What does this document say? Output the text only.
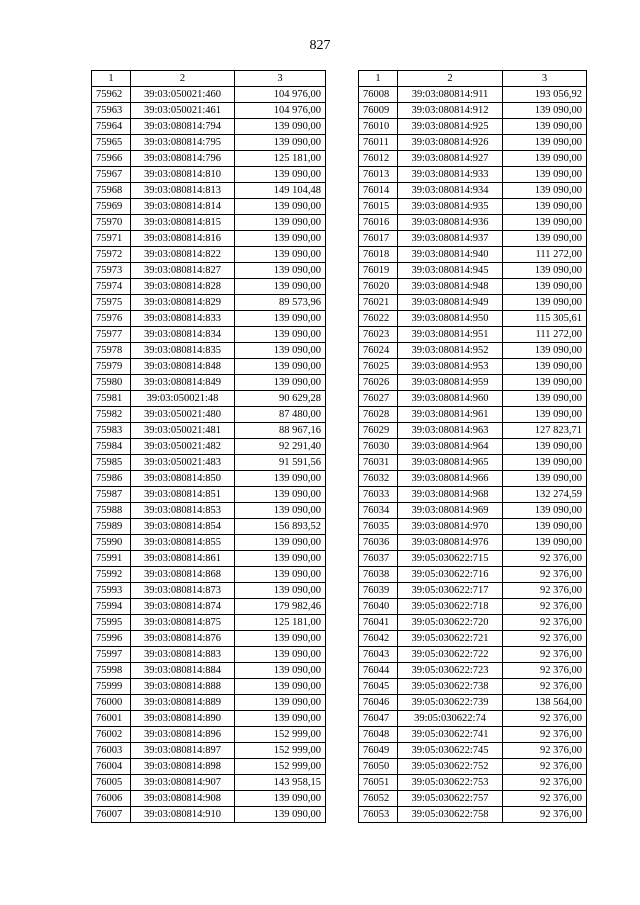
827
1	2	3
75962	39:03:050021:460	104 976,00
75963	39:03:050021:461	104 976,00
75964	39:03:080814:794	139 090,00
75965	39:03:080814:795	139 090,00
75966	39:03:080814:796	125 181,00
75967	39:03:080814:810	139 090,00
75968	39:03:080814:813	149 104,48
75969	39:03:080814:814	139 090,00
75970	39:03:080814:815	139 090,00
75971	39:03:080814:816	139 090,00
75972	39:03:080814:822	139 090,00
75973	39:03:080814:827	139 090,00
75974	39:03:080814:828	139 090,00
75975	39:03:080814:829	89 573,96
75976	39:03:080814:833	139 090,00
75977	39:03:080814:834	139 090,00
75978	39:03:080814:835	139 090,00
75979	39:03:080814:848	139 090,00
75980	39:03:080814:849	139 090,00
75981	39:03:050021:48	90 629,28
75982	39:03:050021:480	87 480,00
75983	39:03:050021:481	88 967,16
75984	39:03:050021:482	92 291,40
75985	39:03:050021:483	91 591,56
75986	39:03:080814:850	139 090,00
75987	39:03:080814:851	139 090,00
75988	39:03:080814:853	139 090,00
75989	39:03:080814:854	156 893,52
75990	39:03:080814:855	139 090,00
75991	39:03:080814:861	139 090,00
75992	39:03:080814:868	139 090,00
75993	39:03:080814:873	139 090,00
75994	39:03:080814:874	179 982,46
75995	39:03:080814:875	125 181,00
75996	39:03:080814:876	139 090,00
75997	39:03:080814:883	139 090,00
75998	39:03:080814:884	139 090,00
75999	39:03:080814:888	139 090,00
76000	39:03:080814:889	139 090,00
76001	39:03:080814:890	139 090,00
76002	39:03:080814:896	152 999,00
76003	39:03:080814:897	152 999,00
76004	39:03:080814:898	152 999,00
76005	39:03:080814:907	143 958,15
76006	39:03:080814:908	139 090,00
76007	39:03:080814:910	139 090,00
1	2	3
76008	39:03:080814:911	193 056,92
76009	39:03:080814:912	139 090,00
76010	39:03:080814:925	139 090,00
76011	39:03:080814:926	139 090,00
76012	39:03:080814:927	139 090,00
76013	39:03:080814:933	139 090,00
76014	39:03:080814:934	139 090,00
76015	39:03:080814:935	139 090,00
76016	39:03:080814:936	139 090,00
76017	39:03:080814:937	139 090,00
76018	39:03:080814:940	111 272,00
76019	39:03:080814:945	139 090,00
76020	39:03:080814:948	139 090,00
76021	39:03:080814:949	139 090,00
76022	39:03:080814:950	115 305,61
76023	39:03:080814:951	111 272,00
76024	39:03:080814:952	139 090,00
76025	39:03:080814:953	139 090,00
76026	39:03:080814:959	139 090,00
76027	39:03:080814:960	139 090,00
76028	39:03:080814:961	139 090,00
76029	39:03:080814:963	127 823,71
76030	39:03:080814:964	139 090,00
76031	39:03:080814:965	139 090,00
76032	39:03:080814:966	139 090,00
76033	39:03:080814:968	132 274,59
76034	39:03:080814:969	139 090,00
76035	39:03:080814:970	139 090,00
76036	39:03:080814:976	139 090,00
76037	39:05:030622:715	92 376,00
76038	39:05:030622:716	92 376,00
76039	39:05:030622:717	92 376,00
76040	39:05:030622:718	92 376,00
76041	39:05:030622:720	92 376,00
76042	39:05:030622:721	92 376,00
76043	39:05:030622:722	92 376,00
76044	39:05:030622:723	92 376,00
76045	39:05:030622:738	92 376,00
76046	39:05:030622:739	138 564,00
76047	39:05:030622:74	92 376,00
76048	39:05:030622:741	92 376,00
76049	39:05:030622:745	92 376,00
76050	39:05:030622:752	92 376,00
76051	39:05:030622:753	92 376,00
76052	39:05:030622:757	92 376,00
76053	39:05:030622:758	92 376,00
